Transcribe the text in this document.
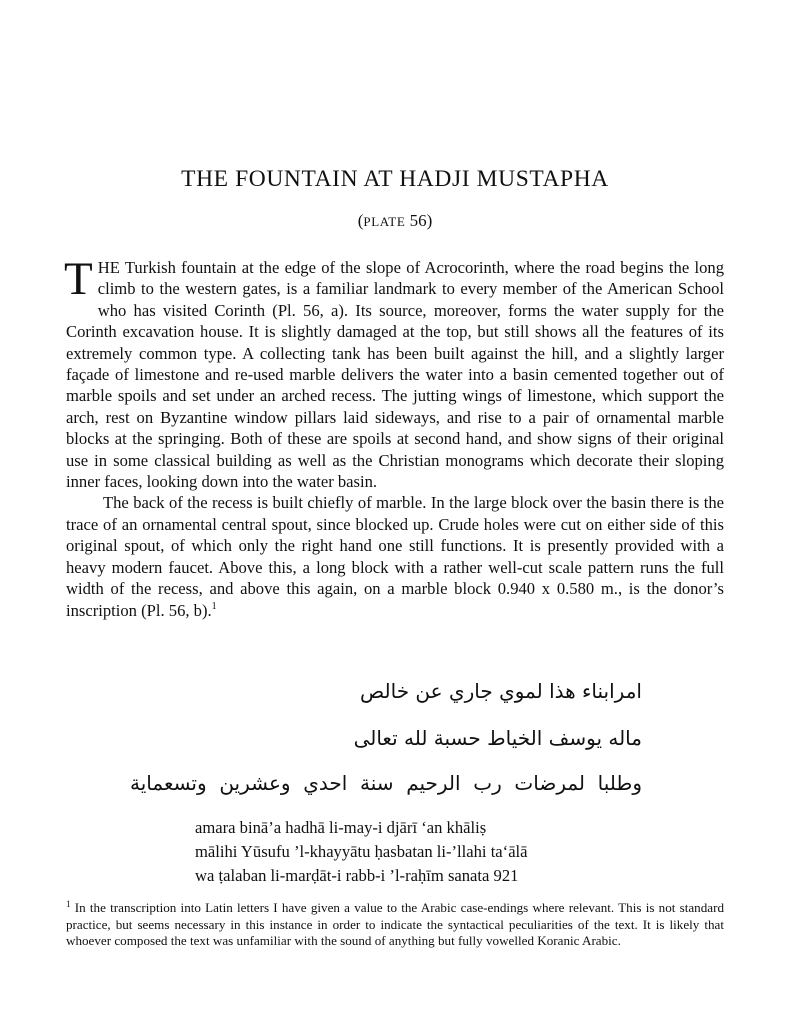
THE FOUNTAIN AT HADJI MUSTAPHA
(PLATE 56)

THE Turkish fountain at the edge of the slope of Acrocorinth, where the road begins the long climb to the western gates, is a familiar landmark to every member of the American School who has visited Corinth (Pl. 56, a). Its source, moreover, forms the water supply for the Corinth excavation house. It is slightly damaged at the top, but still shows all the features of its extremely common type. A collecting tank has been built against the hill, and a slightly larger façade of limestone and re-used marble delivers the water into a basin cemented together out of marble spoils and set under an arched recess. The jutting wings of limestone, which support the arch, rest on Byzantine window pillars laid sideways, and rise to a pair of ornamental marble blocks at the springing. Both of these are spoils at second hand, and show signs of their original use in some classical building as well as the Christian monograms which decorate their sloping inner faces, looking down into the water basin.

The back of the recess is built chiefly of marble. In the large block over the basin there is the trace of an ornamental central spout, since blocked up. Crude holes were cut on either side of this original spout, of which only the right hand one still functions. It is presently provided with a heavy modern faucet. Above this, a long block with a rather well-cut scale pattern runs the full width of the recess, and above this again, on a marble block 0.940 x 0.580 m., is the donor’s inscription (Pl. 56, b).$^1$

امرابناء هذا لموي جاري عن خالص

ماله يوسف الخياط حسبة لله تعالى

وطلبا لمرضات رب الرحيم سنة احدي وعشرين وتسعماية

amara binā’a hadhā li-may-i djārī ‘an khāliṣ

mālihi Yūsufu ’l-khayyātu ḥasbatan li-’llahi ta‘ālā

wa ṭalaban li-marḍāt-i rabb-i ’l-raḥīm sanata 921

$^1$ In the transcription into Latin letters I have given a value to the Arabic case-endings where relevant. This is not standard practice, but seems necessary in this instance in order to indicate the syntactical peculiarities of the text. It is likely that whoever composed the text was unfamiliar with the sound of anything but fully vowelled Koranic Arabic.
